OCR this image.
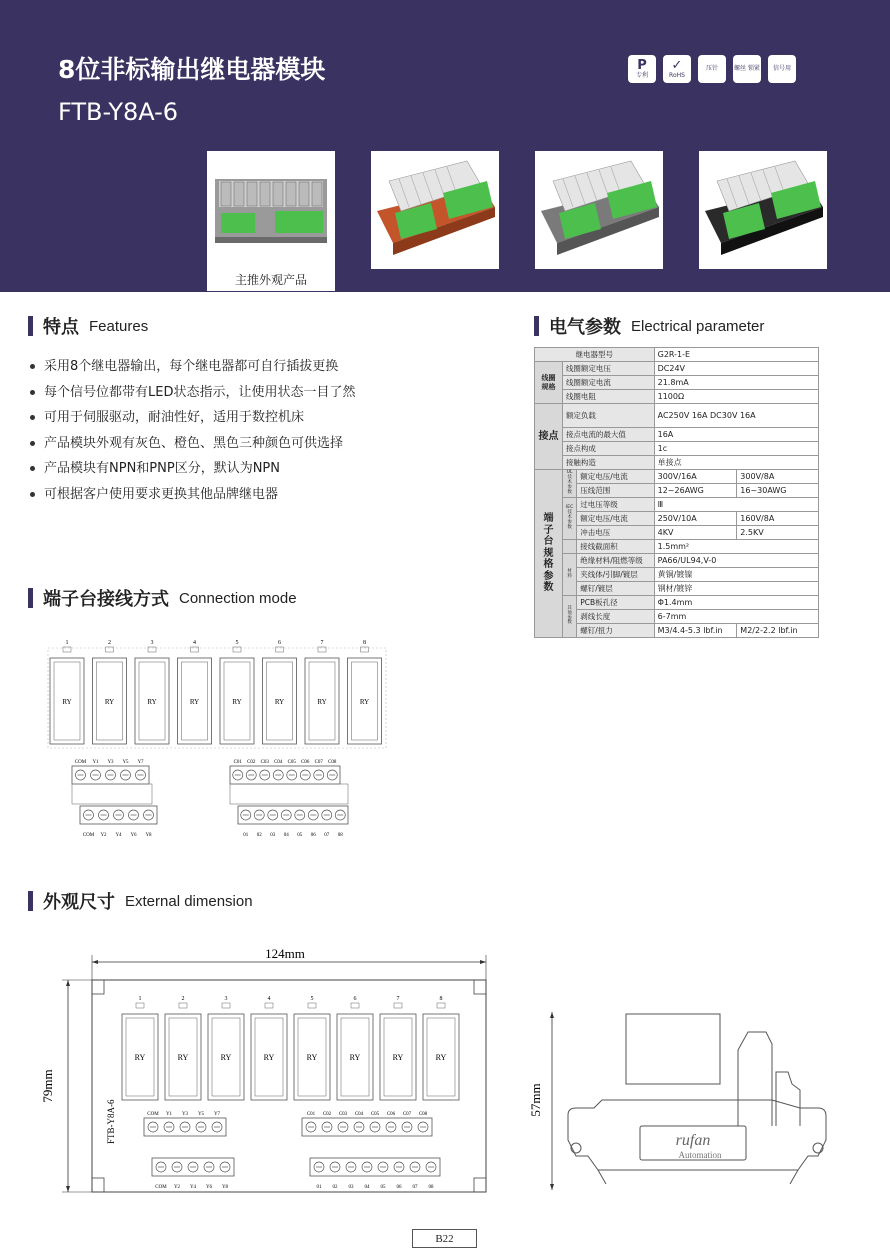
8位非标输出继电器模块
FTB-Y8A-6
P
专利
✓
RoHS
压针	螺丝 锁紧 信号用
主推外观产品
特点 Features
采用8个继电器输出，每个继电器都可自行插拔更换
每个信号位都带有LED状态指示，让使用状态一目了然
可用于伺服驱动，耐油性好，适用于数控机床
产品模块外观有灰色、橙色、黑色三种颜色可供选择
产品模块有NPN和PNP区分，默认为NPN
可根据客户使用要求更换其他品牌继电器
电气参数 Electrical parameter
继电器型号			G2R-1-E	
线圈规格	线圈额定电压		DC24V	
	线圈额定电流		21.8mA	
	线圈电阻		1100Ω	
接点	额定负载		AC250V 16A DC30V 16A	
	接点电流的最大值		16A	
	接点构成		1c	
	接触构造		单接点	
端子台规格参数	UL技术参数	额定电压/电流	300V/16A	300V/8A
		压线范围	12~26AWG	16~30AWG
	IEC技术参数	过电压等级	Ⅲ	
		额定电压/电流	250V/10A	160V/8A
		冲击电压	4KV	2.5KV
		接线截面积	1.5mm²	
	材料	绝缘材料/阻燃等级	PA66/UL94,V-0	
		夹线体/引脚/镀层	黄铜/镀镍	
		螺钉/镀层	钢材/镀锌	
	其他参数	PCB板孔径	Φ1.4mm	
		剥线长度	6-7mm	
		螺钉/扭力	M3/4.4-5.3 lbf.in	M2/2-2.2 lbf.in
端子台接线方式 Connection mode
1
RY
2
RY
3
RY
4
RY
5
RY
6
RY
7
RY
8
RY
COM Y1 Y3 Y5 Y7
COM Y2 Y4 Y6 Y8
C01 C02 C03 C04 C05 C06 C07 C08
01 02 03 04 05 06 07 08
外观尺寸 External dimension
124mm
79mm
1
RY
2
RY
3
RY
4
RY
5
RY
6
RY
7
RY
8
RY
COM Y1 Y3 Y5 Y7
COM Y2 Y4 Y6 Y8
C01 C02 C03 C04 C05 C06 C07 C08
01 02 03 04 05 06 07 08
FTB-Y8A-6	57mm
rufan
Automation
B22
